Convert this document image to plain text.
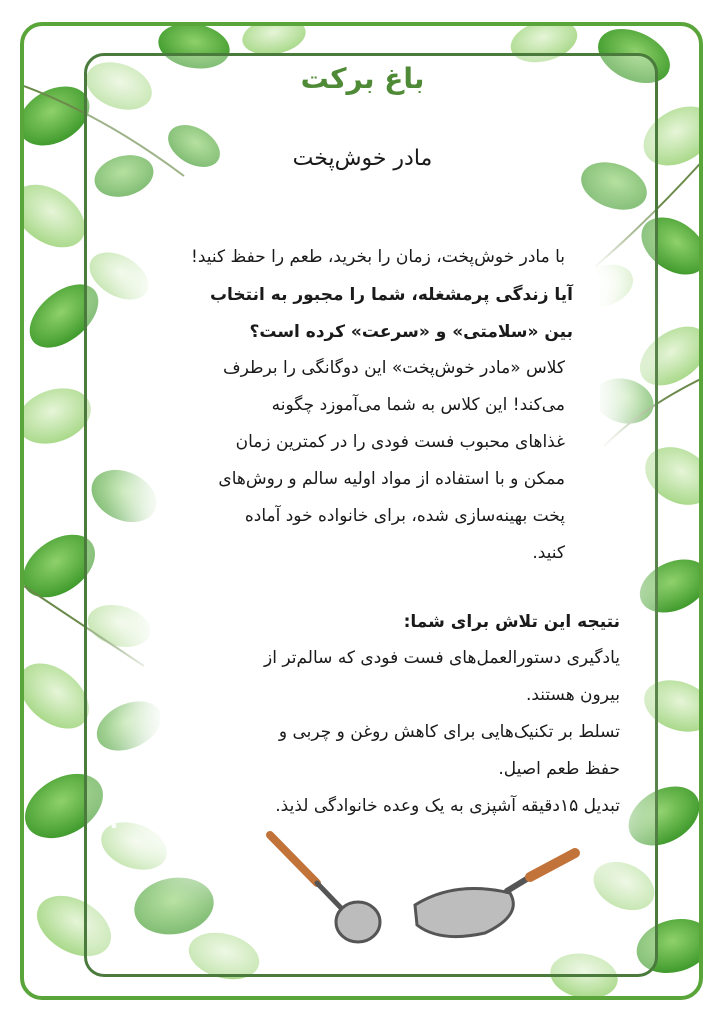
باغ برکت
مادر خوش‌پخت
با مادر خوش‌پخت، زمان را بخرید، طعم را حفظ کنید!
آیا زندگی پرمشغله، شما را مجبور به انتخاب
بین «سلامتی» و «سرعت» کرده است؟
کلاس «مادر خوش‌پخت» این دوگانگی را برطرف
می‌کند! این کلاس به شما می‌آموزد چگونه
غذاهای محبوب فست فودی را در کمترین زمان
ممکن و با استفاده از مواد اولیه سالم و روش‌های
پخت بهینه‌سازی شده، برای خانواده خود آماده
کنید.
نتیجه این تلاش برای شما:
یادگیری دستورالعمل‌های فست فودی که سالم‌تر از
بیرون هستند.
تسلط بر تکنیک‌هایی برای کاهش روغن و چربی و
حفظ طعم اصیل.
تبدیل ۱۵دقیقه آشپزی به یک وعده خانوادگی لذیذ.
